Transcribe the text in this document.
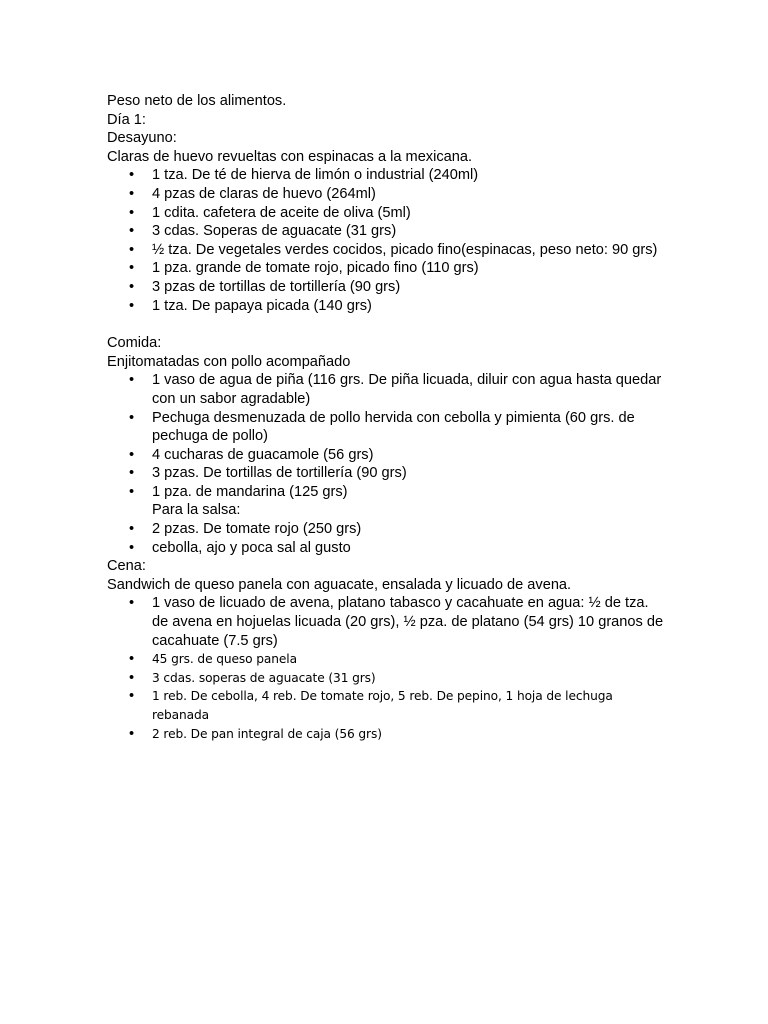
Peso neto de los alimentos.
Día 1:
Desayuno:
Claras de huevo revueltas con espinacas a la mexicana.
• 1 tza. De té de hierva de limón o industrial (240ml)
• 4 pzas de claras de huevo (264ml)
• 1 cdita. cafetera de aceite de oliva (5ml)
• 3 cdas. Soperas de aguacate (31 grs)
• ½ tza. De vegetales verdes cocidos, picado fino(espinacas, peso neto: 90 grs)
• 1 pza. grande de tomate rojo, picado fino (110 grs)
• 3 pzas de tortillas de tortillería (90 grs)
• 1 tza. De papaya picada (140 grs)
Comida:
Enjitomatadas con pollo acompañado
• 1 vaso de agua de piña (116 grs. De piña licuada, diluir con agua hasta quedar con un sabor agradable)
• Pechuga desmenuzada de pollo hervida con cebolla y pimienta (60 grs. de pechuga de pollo)
• 4 cucharas de guacamole (56 grs)
• 3 pzas. De tortillas de tortillería (90 grs)
• 1 pza. de mandarina (125 grs)
Para la salsa:
• 2 pzas. De tomate rojo (250 grs)
• cebolla, ajo y poca sal al gusto
Cena:
Sandwich de queso panela con aguacate, ensalada y licuado de avena.
• 1 vaso de licuado de avena, platano tabasco y cacahuate en agua: ½ de tza. de avena en hojuelas licuada (20 grs), ½ pza. de platano (54 grs) 10 granos de cacahuate (7.5 grs)
• 45 grs. de queso panela
• 3 cdas. soperas de aguacate (31 grs)
• 1 reb. De cebolla, 4 reb. De tomate rojo, 5 reb. De pepino, 1 hoja de lechuga rebanada
• 2 reb. De pan integral de caja (56 grs)
